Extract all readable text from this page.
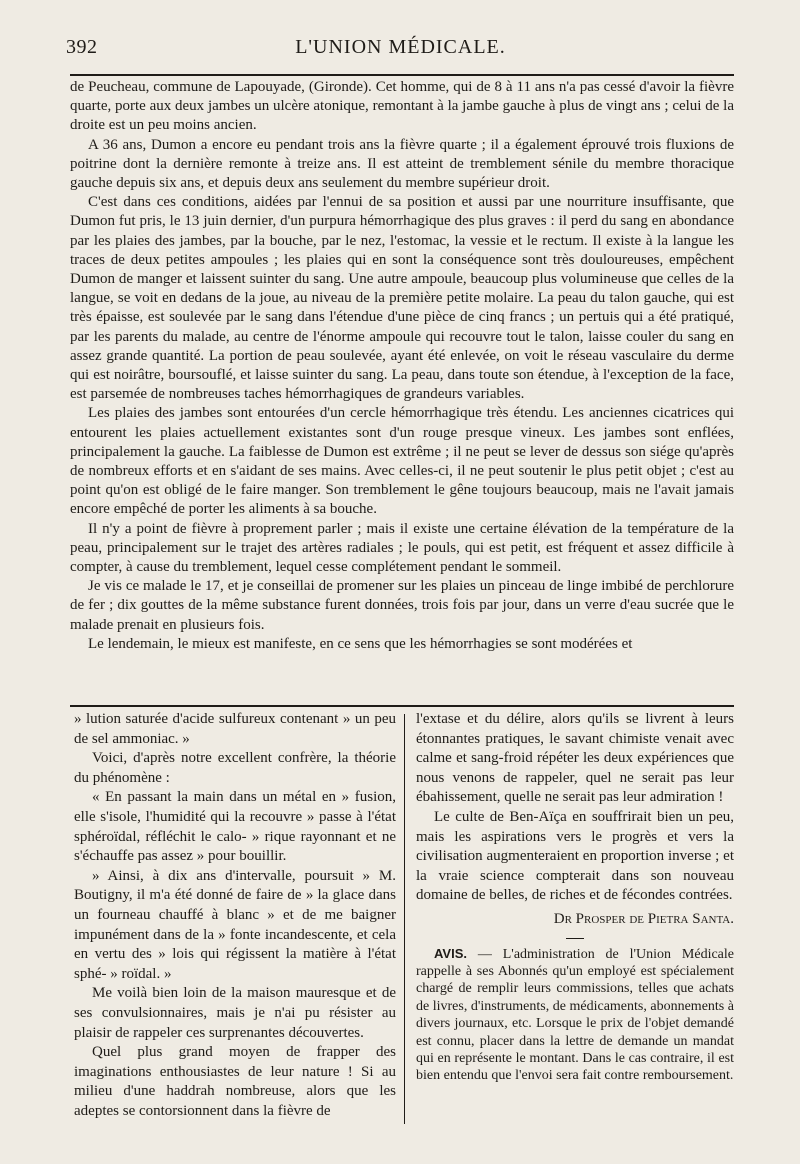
392	L'UNION MÉDICALE.

de Peucheau, commune de Lapouyade, (Gironde). Cet homme, qui de 8 à 11 ans n'a pas cessé d'avoir la fièvre quarte, porte aux deux jambes un ulcère atonique, remontant à la jambe gauche à plus de vingt ans ; celui de la droite est un peu moins ancien.

A 36 ans, Dumon a encore eu pendant trois ans la fièvre quarte ; il a également éprouvé trois fluxions de poitrine dont la dernière remonte à treize ans. Il est atteint de tremblement sénile du membre thoracique gauche depuis six ans, et depuis deux ans seulement du membre supérieur droit.

C'est dans ces conditions, aidées par l'ennui de sa position et aussi par une nourriture insuffisante, que Dumon fut pris, le 13 juin dernier, d'un purpura hémorrhagique des plus graves : il perd du sang en abondance par les plaies des jambes, par la bouche, par le nez, l'estomac, la vessie et le rectum. Il existe à la langue les traces de deux petites ampoules ; les plaies qui en sont la conséquence sont très douloureuses, empêchent Dumon de manger et laissent suinter du sang. Une autre ampoule, beaucoup plus volumineuse que celles de la langue, se voit en dedans de la joue, au niveau de la première petite molaire. La peau du talon gauche, qui est très épaisse, est soulevée par le sang dans l'étendue d'une pièce de cinq francs ; un pertuis qui a été pratiqué, par les parents du malade, au centre de l'énorme ampoule qui recouvre tout le talon, laisse couler du sang en assez grande quantité. La portion de peau soulevée, ayant été enlevée, on voit le réseau vasculaire du derme qui est noirâtre, boursouflé, et laisse suinter du sang. La peau, dans toute son étendue, à l'exception de la face, est parsemée de nombreuses taches hémorrhagiques de grandeurs variables.

Les plaies des jambes sont entourées d'un cercle hémorrhagique très étendu. Les anciennes cicatrices qui entourent les plaies actuellement existantes sont d'un rouge presque vineux. Les jambes sont enflées, principalement la gauche. La faiblesse de Dumon est extrême ; il ne peut se lever de dessus son siége qu'après de nombreux efforts et en s'aidant de ses mains. Avec celles-ci, il ne peut soutenir le plus petit objet ; c'est au point qu'on est obligé de le faire manger. Son tremblement le gêne toujours beaucoup, mais ne l'avait jamais encore empêché de porter les aliments à sa bouche.

Il n'y a point de fièvre à proprement parler ; mais il existe une certaine élévation de la température de la peau, principalement sur le trajet des artères radiales ; le pouls, qui est petit, est fréquent et assez difficile à compter, à cause du tremblement, lequel cesse complétement pendant le sommeil.

Je vis ce malade le 17, et je conseillai de promener sur les plaies un pinceau de linge imbibé de perchlorure de fer ; dix gouttes de la même substance furent données, trois fois par jour, dans un verre d'eau sucrée que le malade prenait en plusieurs fois.

Le lendemain, le mieux est manifeste, en ce sens que les hémorrhagies se sont modérées et

» lution saturée d'acide sulfureux contenant » un peu de sel ammoniac. »

Voici, d'après notre excellent confrère, la théorie du phénomène :

« En passant la main dans un métal en » fusion, elle s'isole, l'humidité qui la recouvre » passe à l'état sphéroïdal, réfléchit le calo- » rique rayonnant et ne s'échauffe pas assez » pour bouillir.

» Ainsi, à dix ans d'intervalle, poursuit » M. Boutigny, il m'a été donné de faire de » la glace dans un fourneau chauffé à blanc » et de me baigner impunément dans de la » fonte incandescente, et cela en vertu des » lois qui régissent la matière à l'état sphé- » roïdal. »

Me voilà bien loin de la maison mauresque et de ses convulsionnaires, mais je n'ai pu résister au plaisir de rappeler ces surprenantes découvertes.

Quel plus grand moyen de frapper des imaginations enthousiastes de leur nature ! Si au milieu d'une haddrah nombreuse, alors que les adeptes se contorsionnent dans la fièvre de

l'extase et du délire, alors qu'ils se livrent à leurs étonnantes pratiques, le savant chimiste venait avec calme et sang-froid répéter les deux expériences que nous venons de rappeler, quel ne serait pas leur ébahissement, quelle ne serait pas leur admiration !

Le culte de Ben-Aïça en souffrirait bien un peu, mais les aspirations vers le progrès et vers la civilisation augmenteraient en proportion inverse ; et la vraie science compterait dans son nouveau domaine de belles, de riches et de fécondes contrées.

Dr Prosper de Pietra Santa.

AVIS. — L'administration de l'Union Médicale rappelle à ses Abonnés qu'un employé est spécialement chargé de remplir leurs commissions, telles que achats de livres, d'instruments, de médicaments, abonnements à divers journaux, etc. Lorsque le prix de l'objet demandé est connu, placer dans la lettre de demande un mandat qui en représente le montant. Dans le cas contraire, il est bien entendu que l'envoi sera fait contre remboursement.
